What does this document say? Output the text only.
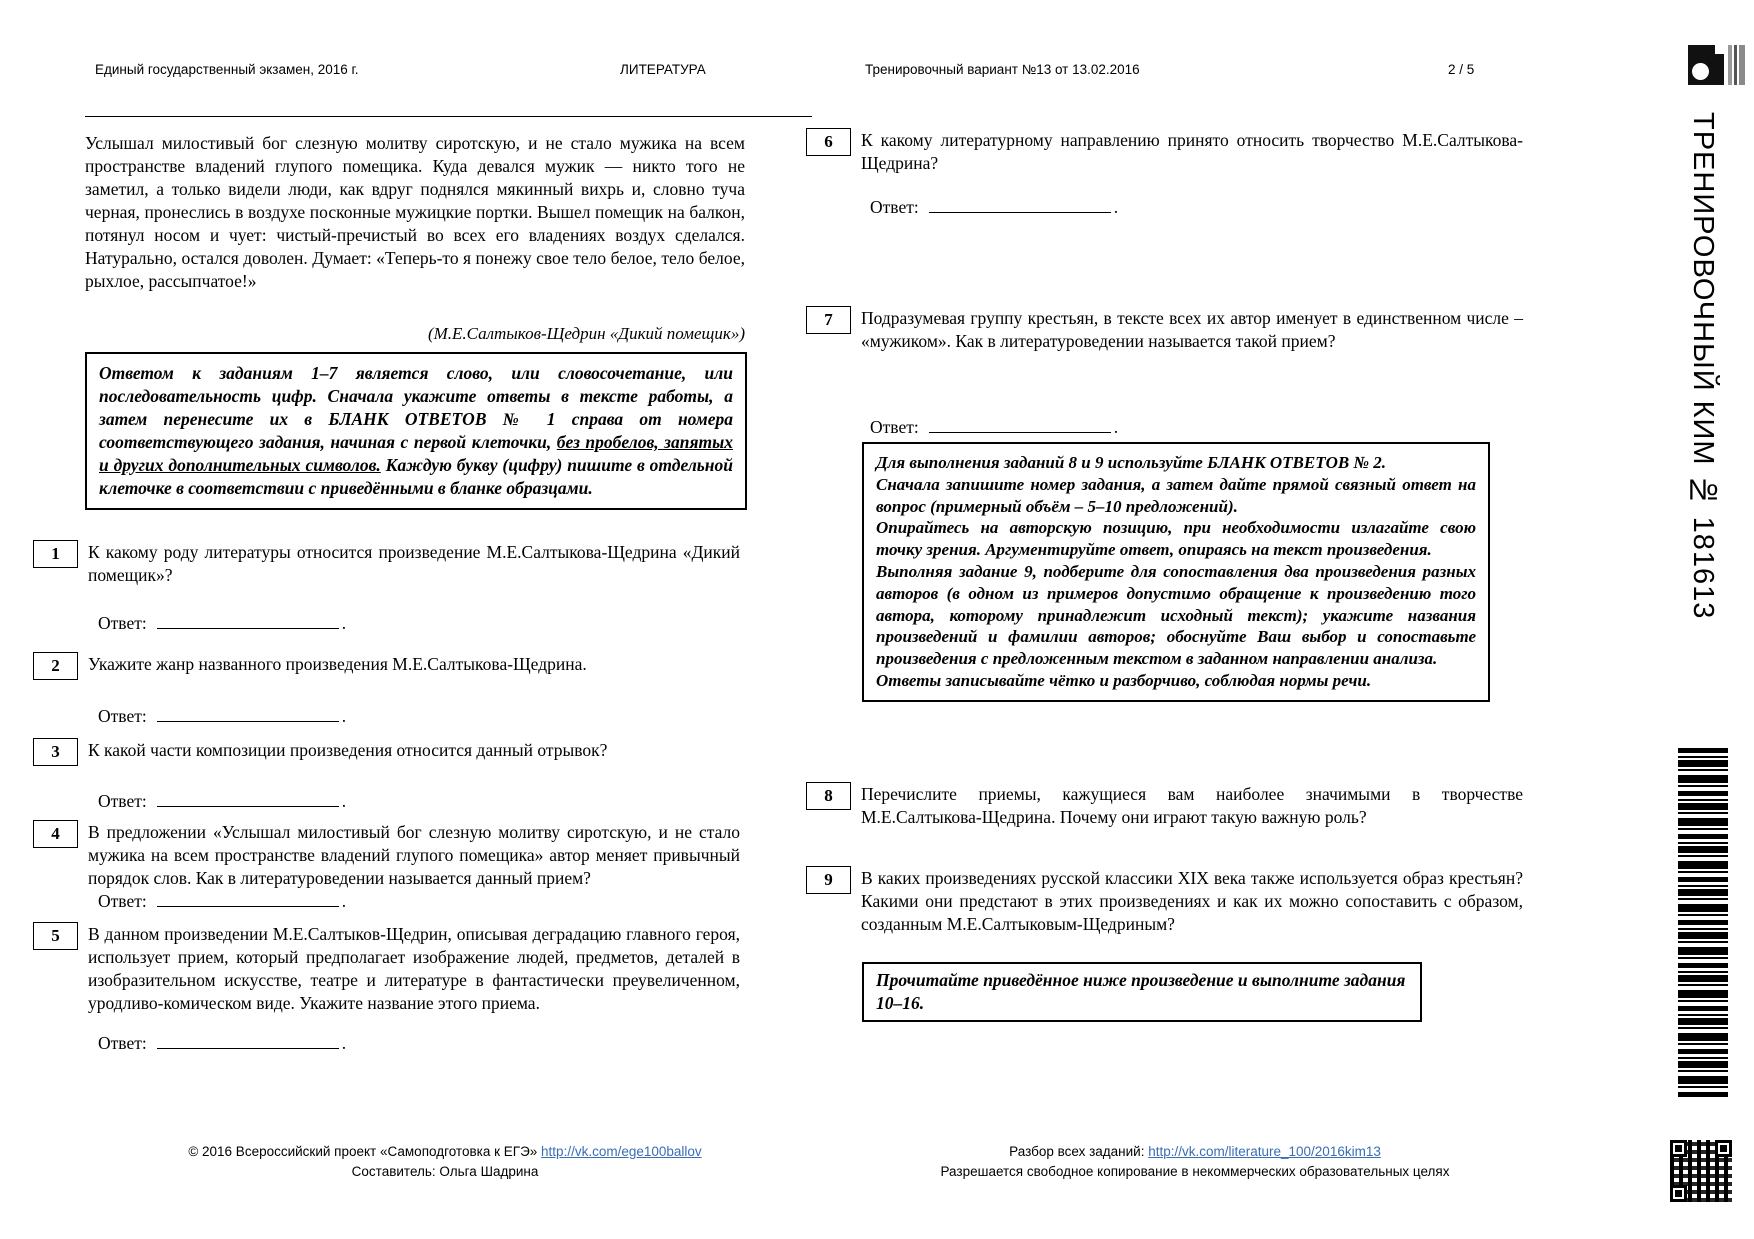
Единый государственный экзамен, 2016 г.	ЛИТЕРАТУРА	Тренировочный вариант №13 от 13.02.2016	2 / 5
Услышал милостивый бог слезную молитву сиротскую, и не стало мужика на всем пространстве владений глупого помещика. Куда девался мужик — никто того не заметил, а только видели люди, как вдруг поднялся мякинный вихрь и, словно туча черная, пронеслись в воздухе посконные мужицкие портки. Вышел помещик на балкон, потянул носом и чует: чистый-пречистый во всех его владениях воздух сделался. Натурально, остался доволен. Думает: «Теперь-то я понежу свое тело белое, тело белое, рыхлое, рассыпчатое!»
(М.Е.Салтыков-Щедрин «Дикий помещик»)

Ответом к заданиям 1–7 является слово, или словосочетание, или последовательность цифр. Сначала укажите ответы в тексте работы, а затем перенесите их в БЛАНК ОТВЕТОВ № 1 справа от номера соответствующего задания, начиная с первой клеточки, без пробелов, запятых и других дополнительных символов. Каждую букву (цифру) пишите в отдельной клеточке в соответствии с приведёнными в бланке образцами.

1	К какому роду литературы относится произведение М.Е.Салтыкова-Щедрина «Дикий помещик»?
Ответ:	.
2	Укажите жанр названного произведения М.Е.Салтыкова-Щедрина.
Ответ:	.
3	К какой части композиции произведения относится данный отрывок?
Ответ:	.
4	В предложении «Услышал милостивый бог слезную молитву сиротскую, и не стало мужика на всем пространстве владений глупого помещика» автор меняет привычный порядок слов. Как в литературоведении называется данный прием?
Ответ:	.
5	В данном произведении М.Е.Салтыков-Щедрин, описывая деградацию главного героя, использует прием, который предполагает изображение людей, предметов, деталей в изобразительном искусстве, театре и литературе в фантастически преувеличенном, уродливо-комическом виде. Укажите название этого приема.
Ответ:	.
6	К какому литературному направлению принято относить творчество М.Е.Салтыкова-Щедрина?
Ответ:	.
7	Подразумевая группу крестьян, в тексте всех их автор именует в единственном числе – «мужиком». Как в литературоведении называется такой прием?
Ответ:	.

Для выполнения заданий 8 и 9 используйте БЛАНК ОТВЕТОВ № 2.

Сначала запишите номер задания, а затем дайте прямой связный ответ на вопрос (примерный объём – 5–10 предложений).

Опирайтесь на авторскую позицию, при необходимости излагайте свою точку зрения. Аргументируйте ответ, опираясь на текст произведения.

Выполняя задание 9, подберите для сопоставления два произведения разных авторов (в одном из примеров допустимо обращение к произведению того автора, которому принадлежит исходный текст); укажите названия произведений и фамилии авторов; обоснуйте Ваш выбор и сопоставьте произведения с предложенным текстом в заданном направлении анализа.

Ответы записывайте чётко и разборчиво, соблюдая нормы речи.

8	Перечислите приемы, кажущиеся вам наиболее значимыми в творчестве М.Е.Салтыкова-Щедрина. Почему они играют такую важную роль?
9	В каких произведениях русской классики XIX века также используется образ крестьян? Какими они предстают в этих произведениях и как их можно сопоставить с образом, созданным М.Е.Салтыковым-Щедриным?

Прочитайте приведённое ниже произведение и выполните задания 10–16.

© 2016 Всероссийский проект «Самоподготовка к ЕГЭ» http://vk.com/ege100ballov
Составитель: Ольга Шадрина
Разбор всех заданий: http://vk.com/literature_100/2016kim13
Разрешается свободное копирование в некоммерческих образовательных целях
ТРЕНИРОВОЧНЫЙ КИМ № 181613
